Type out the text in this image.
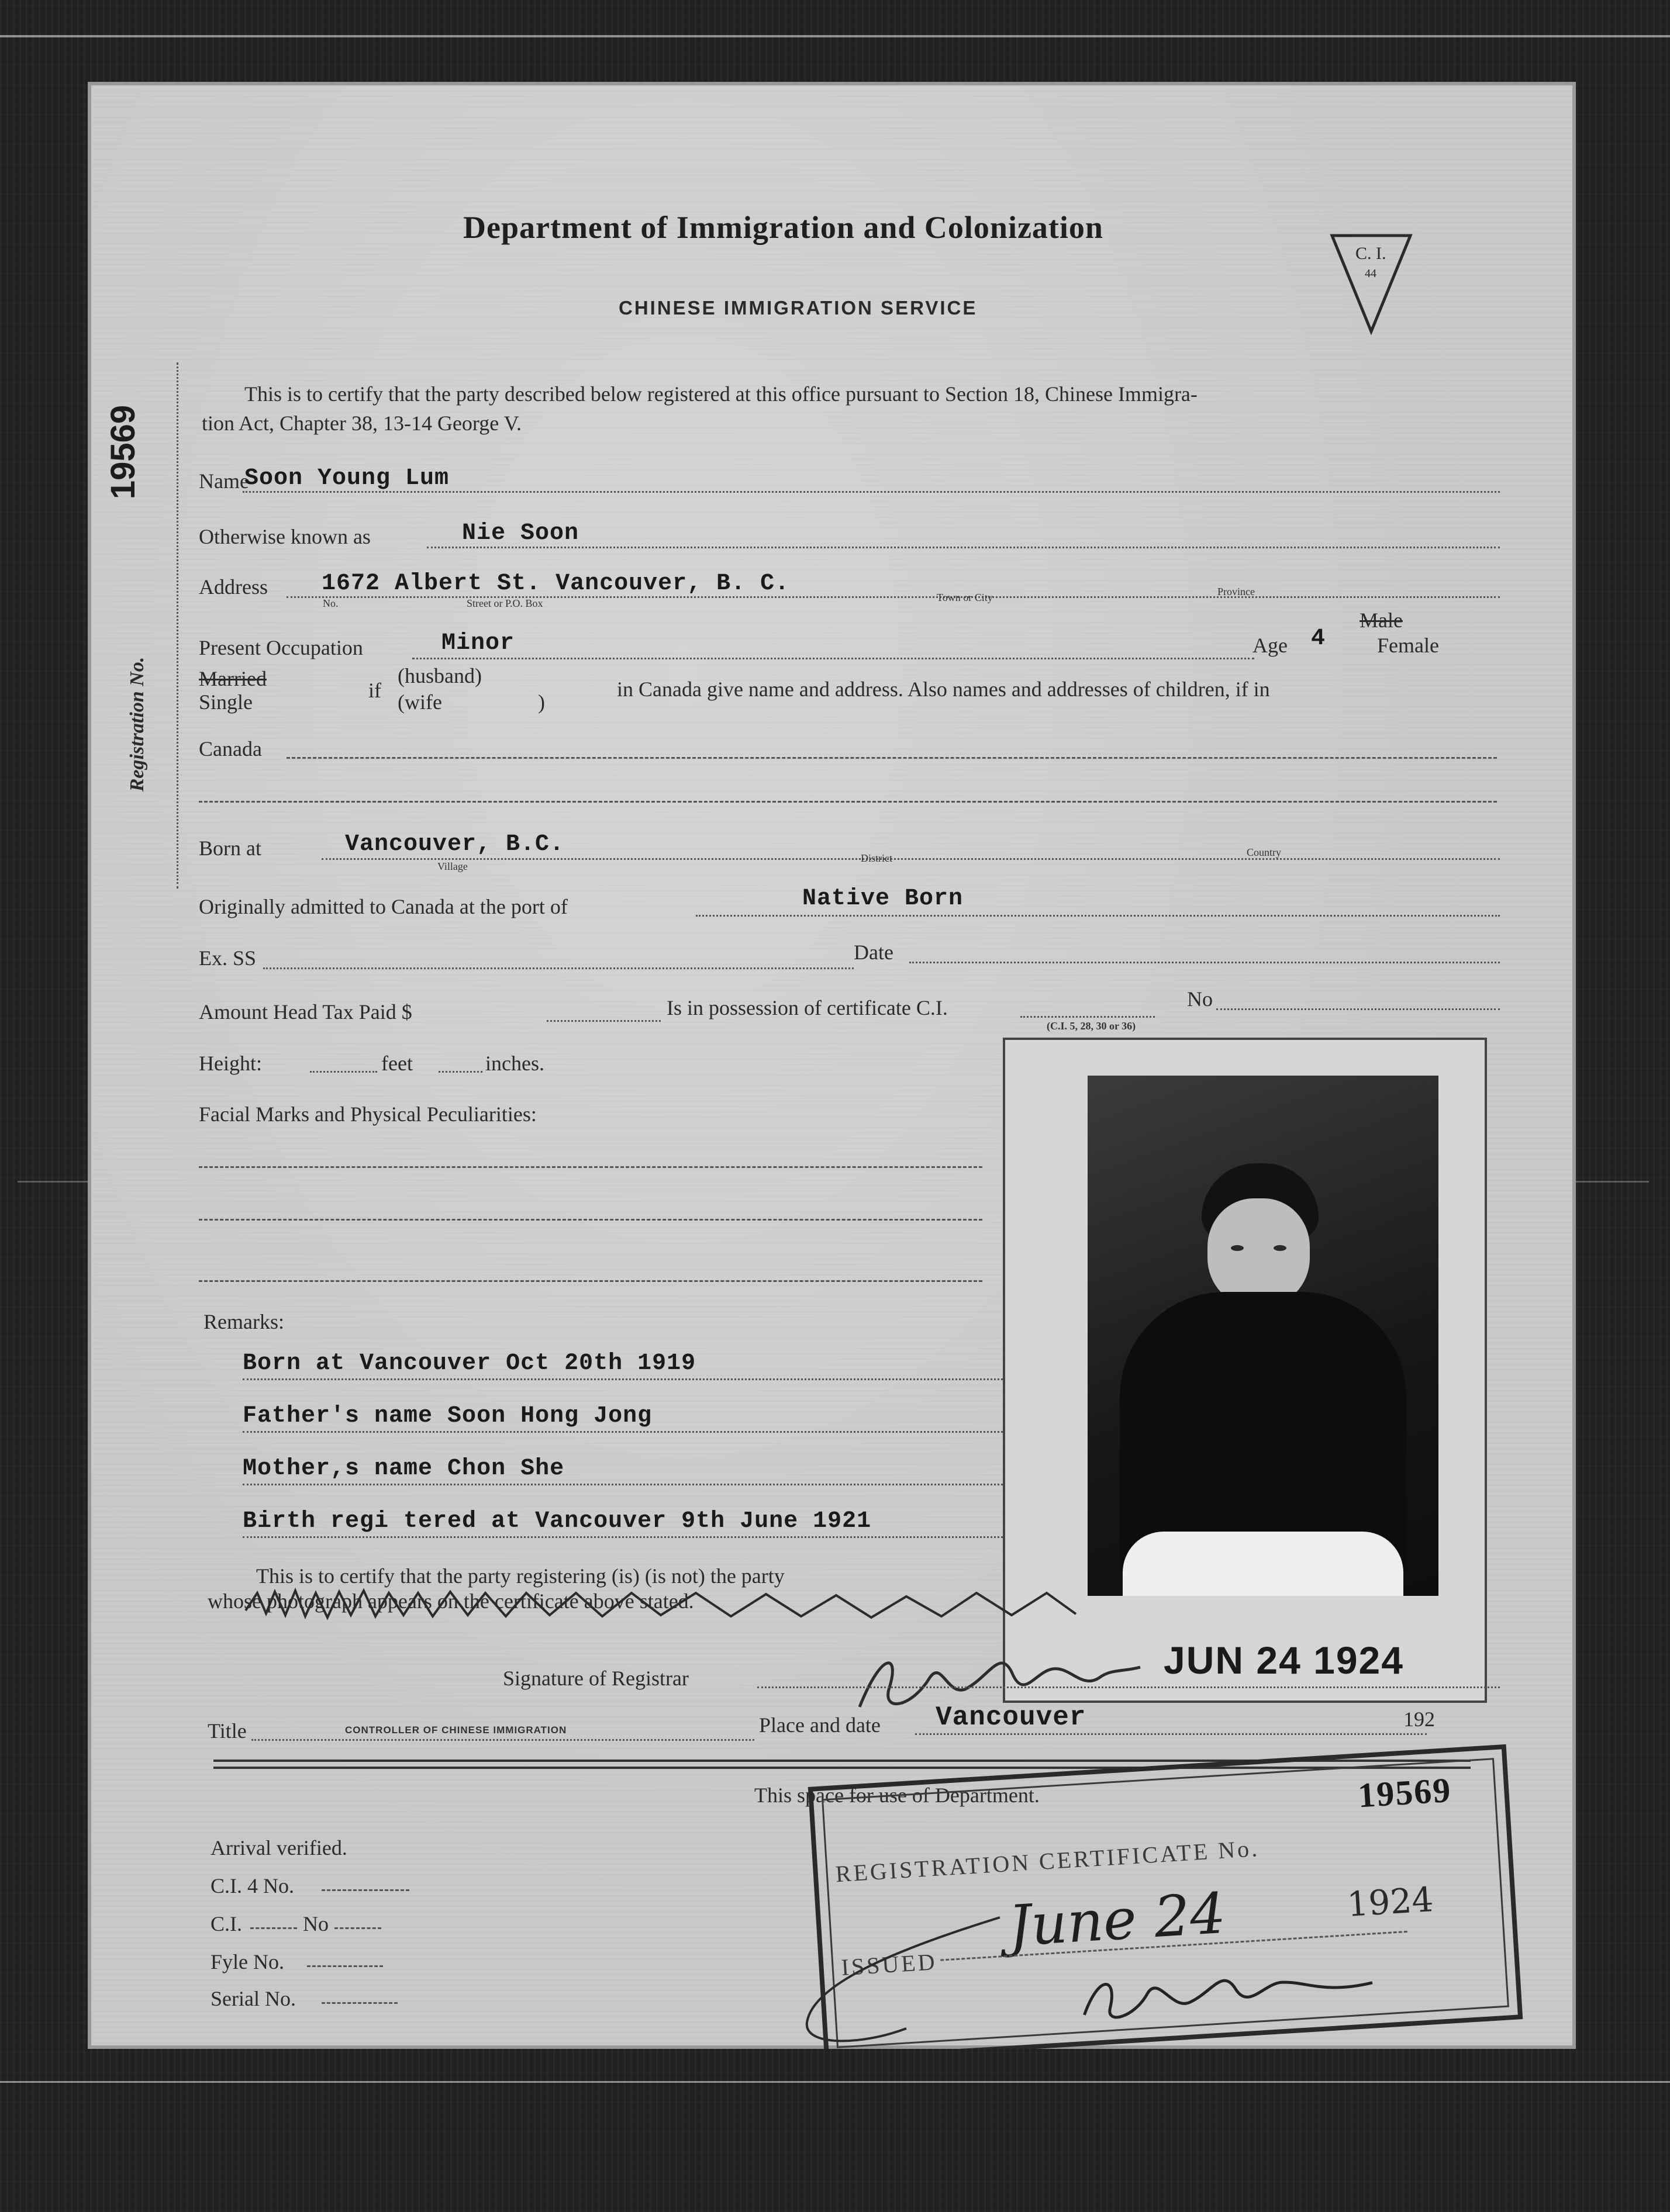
Department of Immigration and Colonization
CHINESE IMMIGRATION SERVICE
C. I.
44
19569
Registration No.
This is to certify that the party described below registered at this office pursuant to Section 18, Chinese Immigra-
tion Act, Chapter 38, 13-14 George V.
Name
Soon Young Lum
Otherwise known as	Nie Soon
Address 1672 Albert St. Vancouver, B. C.
No.	Street or P.O. Box	Town or City	Province
Present Occupation	Minor	Age 4
Male
Female
Married
Single	if
(husband)
(wife	)
in Canada give name and address. Also names and addresses of children, if in
Canada
Born at	Vancouver, B.C.
Village
District	Country
Originally admitted to Canada at the port of	Native Born
Ex. SS	Date
Amount Head Tax Paid $	Is in possession of certificate C.I.
(C.I. 5, 28, 30 or 36)
No
Height:	feet	inches.
Facial Marks and Physical Peculiarities:
Remarks:
Born at Vancouver Oct 20th 1919
Father's name Soon Hong Jong
Mother,s name Chon She
Birth regi tered at Vancouver 9th June 1921
This is to certify that the party registering (is) (is not) the party
whose photograph appears on the certificate above stated.
JUN 24 1924
Signature of Registrar
Title	CONTROLLER OF CHINESE IMMIGRATION	Place and date Vancouver	192
This space for use of Department.
Arrival verified.
C.I. 4 No.
C.I.	No
Fyle No.
Serial No.
19569
REGISTRATION CERTIFICATE No.
ISSUED
June 24	1924
